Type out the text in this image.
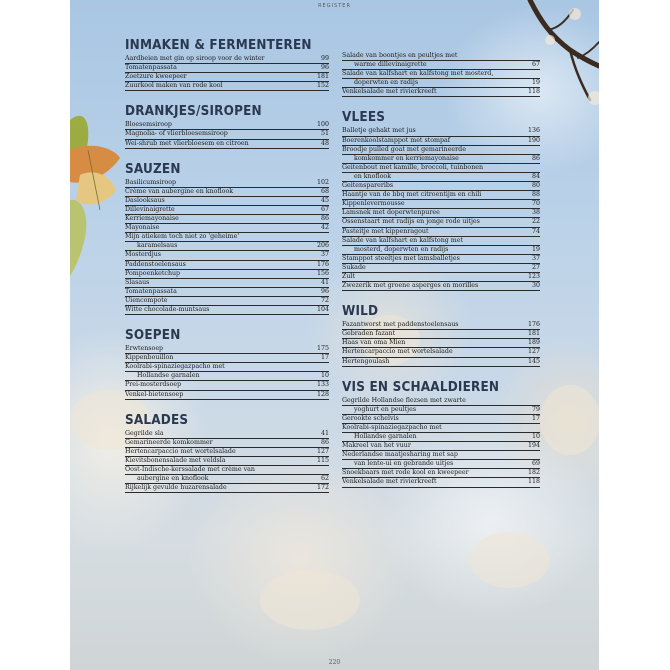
REGISTER
INMAKEN & FERMENTEREN
Aardbeien met gin op siroop voor de winter	99
Tomatenpassata	96
Zoetzure kweepeer	181
Zuurkool maken van rode kool	152
DRANKJES/SIROPEN
Bloesemsiroop	100
Magnolia- of vlierbloesemsiroop	51
Wei-shrub met vlierbloesem en citroen	48
SAUZEN
Basilicumsiroop	102
Crème van aubergine en knoflook	68
Daslooksaus	45
Dillevinaigrette	67
Kerriemayonaise	86
Mayonaise	42
Mijn atiekem toch niet zo 'geheime'
karamelsaus	206
Mosterdjus	37
Paddenstoelensaus	176
Pompoenketchup	156
Slasaus	41
Tomatenpassata	96
Uiencompote	72
Witte chocolade-muntsaus	104
SOEPEN
Erwtensoep	175
Kippenbouillon	17
Koolrabi-spinaziegazpacho met
Hollandse garnalen	10
Prei-mosterdsoep	133
Venkel-bietensoep	128
SALADES
Gegrilde sla	41
Gemarineerde komkommer	86
Hertencarpaccio met wortelsalade	127
Kievitsbonensalade met veldsla	115
Oost-Indische-kerssalade met crème van
aubergine en knoflook	62
Rijkelijk gevulde huzarensalade	172
Salade van boontjes en peultjes met
warme dillevinaigrette	67
Salade van kalfshart en kalfstong met mosterd,
doperwten en radijs	19
Venkelsalade met rivierkreeft	118
VLEES
Balletje gehakt met jus	136
Boerenkoolstamppot met stompaf	190
Broodje pulled goat met gemarineerde
komkommer en kerriemayonaise	86
Geitenbout met kamille, broccoli, tuinbonen
en knoflook	84
Geitenspareribs	80
Haantje van de bbq met citroentijm en chili	88
Kippenlevermousse	70
Lamsnek met doperwtenpuree	38
Ossenstaart met radijs en jonge rode uitjes	22
Pasteitje met kippenragout	74
Salade van kalfshart en kalfstong met
mosterd, doperwten en radijs	19
Stamppot steeltjes met lamsballetjes	37
Sukade	27
Zult	123
Zwezerik met groene asperges en morilles	30
WILD
Fazantworst met paddenstoelensaus	176
Gebraden fazant	181
Haas van oma Mien	189
Hertencarpaccio met wortelsalade	127
Hertengoulash	145
VIS EN SCHAALDIEREN
Gegrilde Hollandse flezsen met zwarte
yoghurt en peultjes	79
Gerookte schelvis	17
Koolrabi-spinaziegazpacho met
Hollandse garnalen	10
Makreel van het vuur	194
Nederlandse maatjesharing met sap
van lente-ui en gebrande uitjes	69
Snoekbaars met rode kool en kweepeer	182
Venkelsalade met rivierkreeft	118
220
